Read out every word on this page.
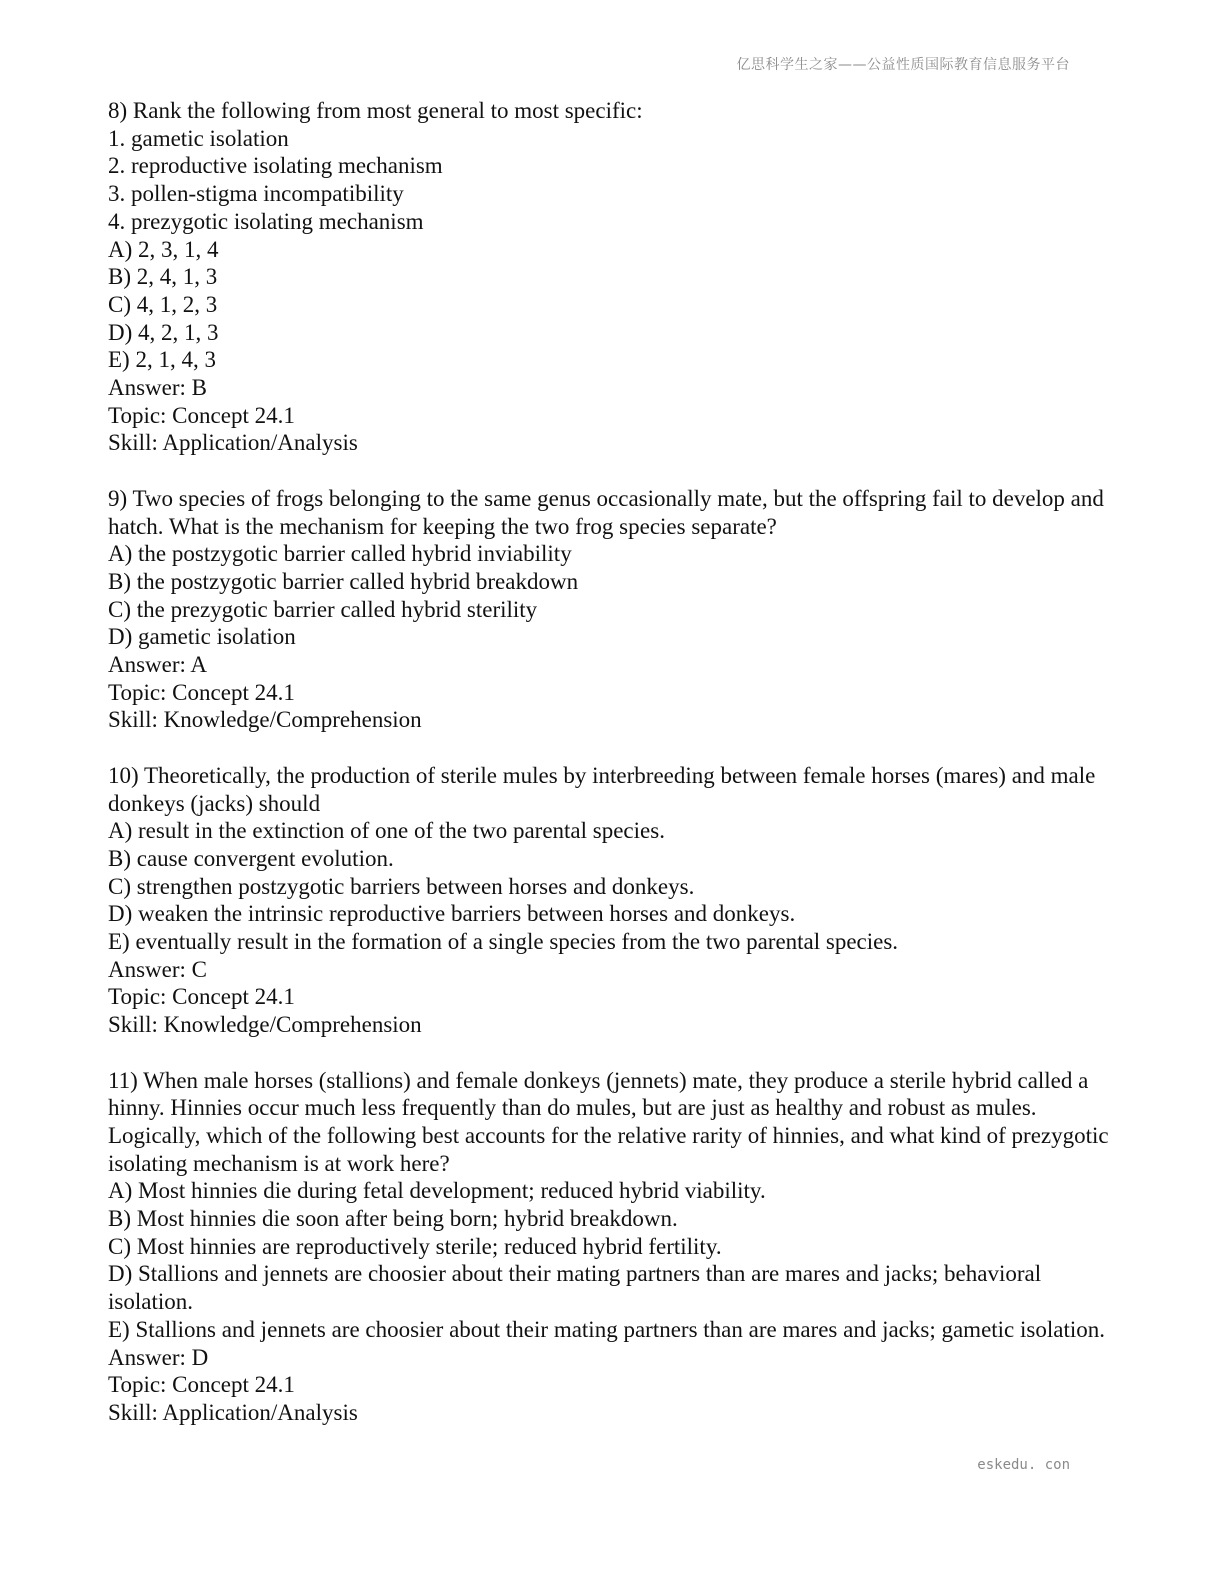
亿思科学生之家——公益性质国际教育信息服务平台
8) Rank the following from most general to most specific:
1. gametic isolation
2. reproductive isolating mechanism
3. pollen-stigma incompatibility
4. prezygotic isolating mechanism
A) 2, 3, 1, 4
B) 2, 4, 1, 3
C) 4, 1, 2, 3
D) 4, 2, 1, 3
E) 2, 1, 4, 3
Answer: B
Topic: Concept 24.1
Skill: Application/Analysis
9) Two species of frogs belonging to the same genus occasionally mate, but the offspring fail to develop and hatch. What is the mechanism for keeping the two frog species separate?
A) the postzygotic barrier called hybrid inviability
B) the postzygotic barrier called hybrid breakdown
C) the prezygotic barrier called hybrid sterility
D) gametic isolation
Answer: A
Topic: Concept 24.1
Skill: Knowledge/Comprehension
10) Theoretically, the production of sterile mules by interbreeding between female horses (mares) and male donkeys (jacks) should
A) result in the extinction of one of the two parental species.
B) cause convergent evolution.
C) strengthen postzygotic barriers between horses and donkeys.
D) weaken the intrinsic reproductive barriers between horses and donkeys.
E) eventually result in the formation of a single species from the two parental species.
Answer: C
Topic: Concept 24.1
Skill: Knowledge/Comprehension
11) When male horses (stallions) and female donkeys (jennets) mate, they produce a sterile hybrid called a hinny. Hinnies occur much less frequently than do mules, but are just as healthy and robust as mules. Logically, which of the following best accounts for the relative rarity of hinnies, and what kind of prezygotic isolating mechanism is at work here?
A) Most hinnies die during fetal development; reduced hybrid viability.
B) Most hinnies die soon after being born; hybrid breakdown.
C) Most hinnies are reproductively sterile; reduced hybrid fertility.
D) Stallions and jennets are choosier about their mating partners than are mares and jacks; behavioral isolation.
E) Stallions and jennets are choosier about their mating partners than are mares and jacks; gametic isolation.
Answer: D
Topic: Concept 24.1
Skill: Application/Analysis
eskedu. con
